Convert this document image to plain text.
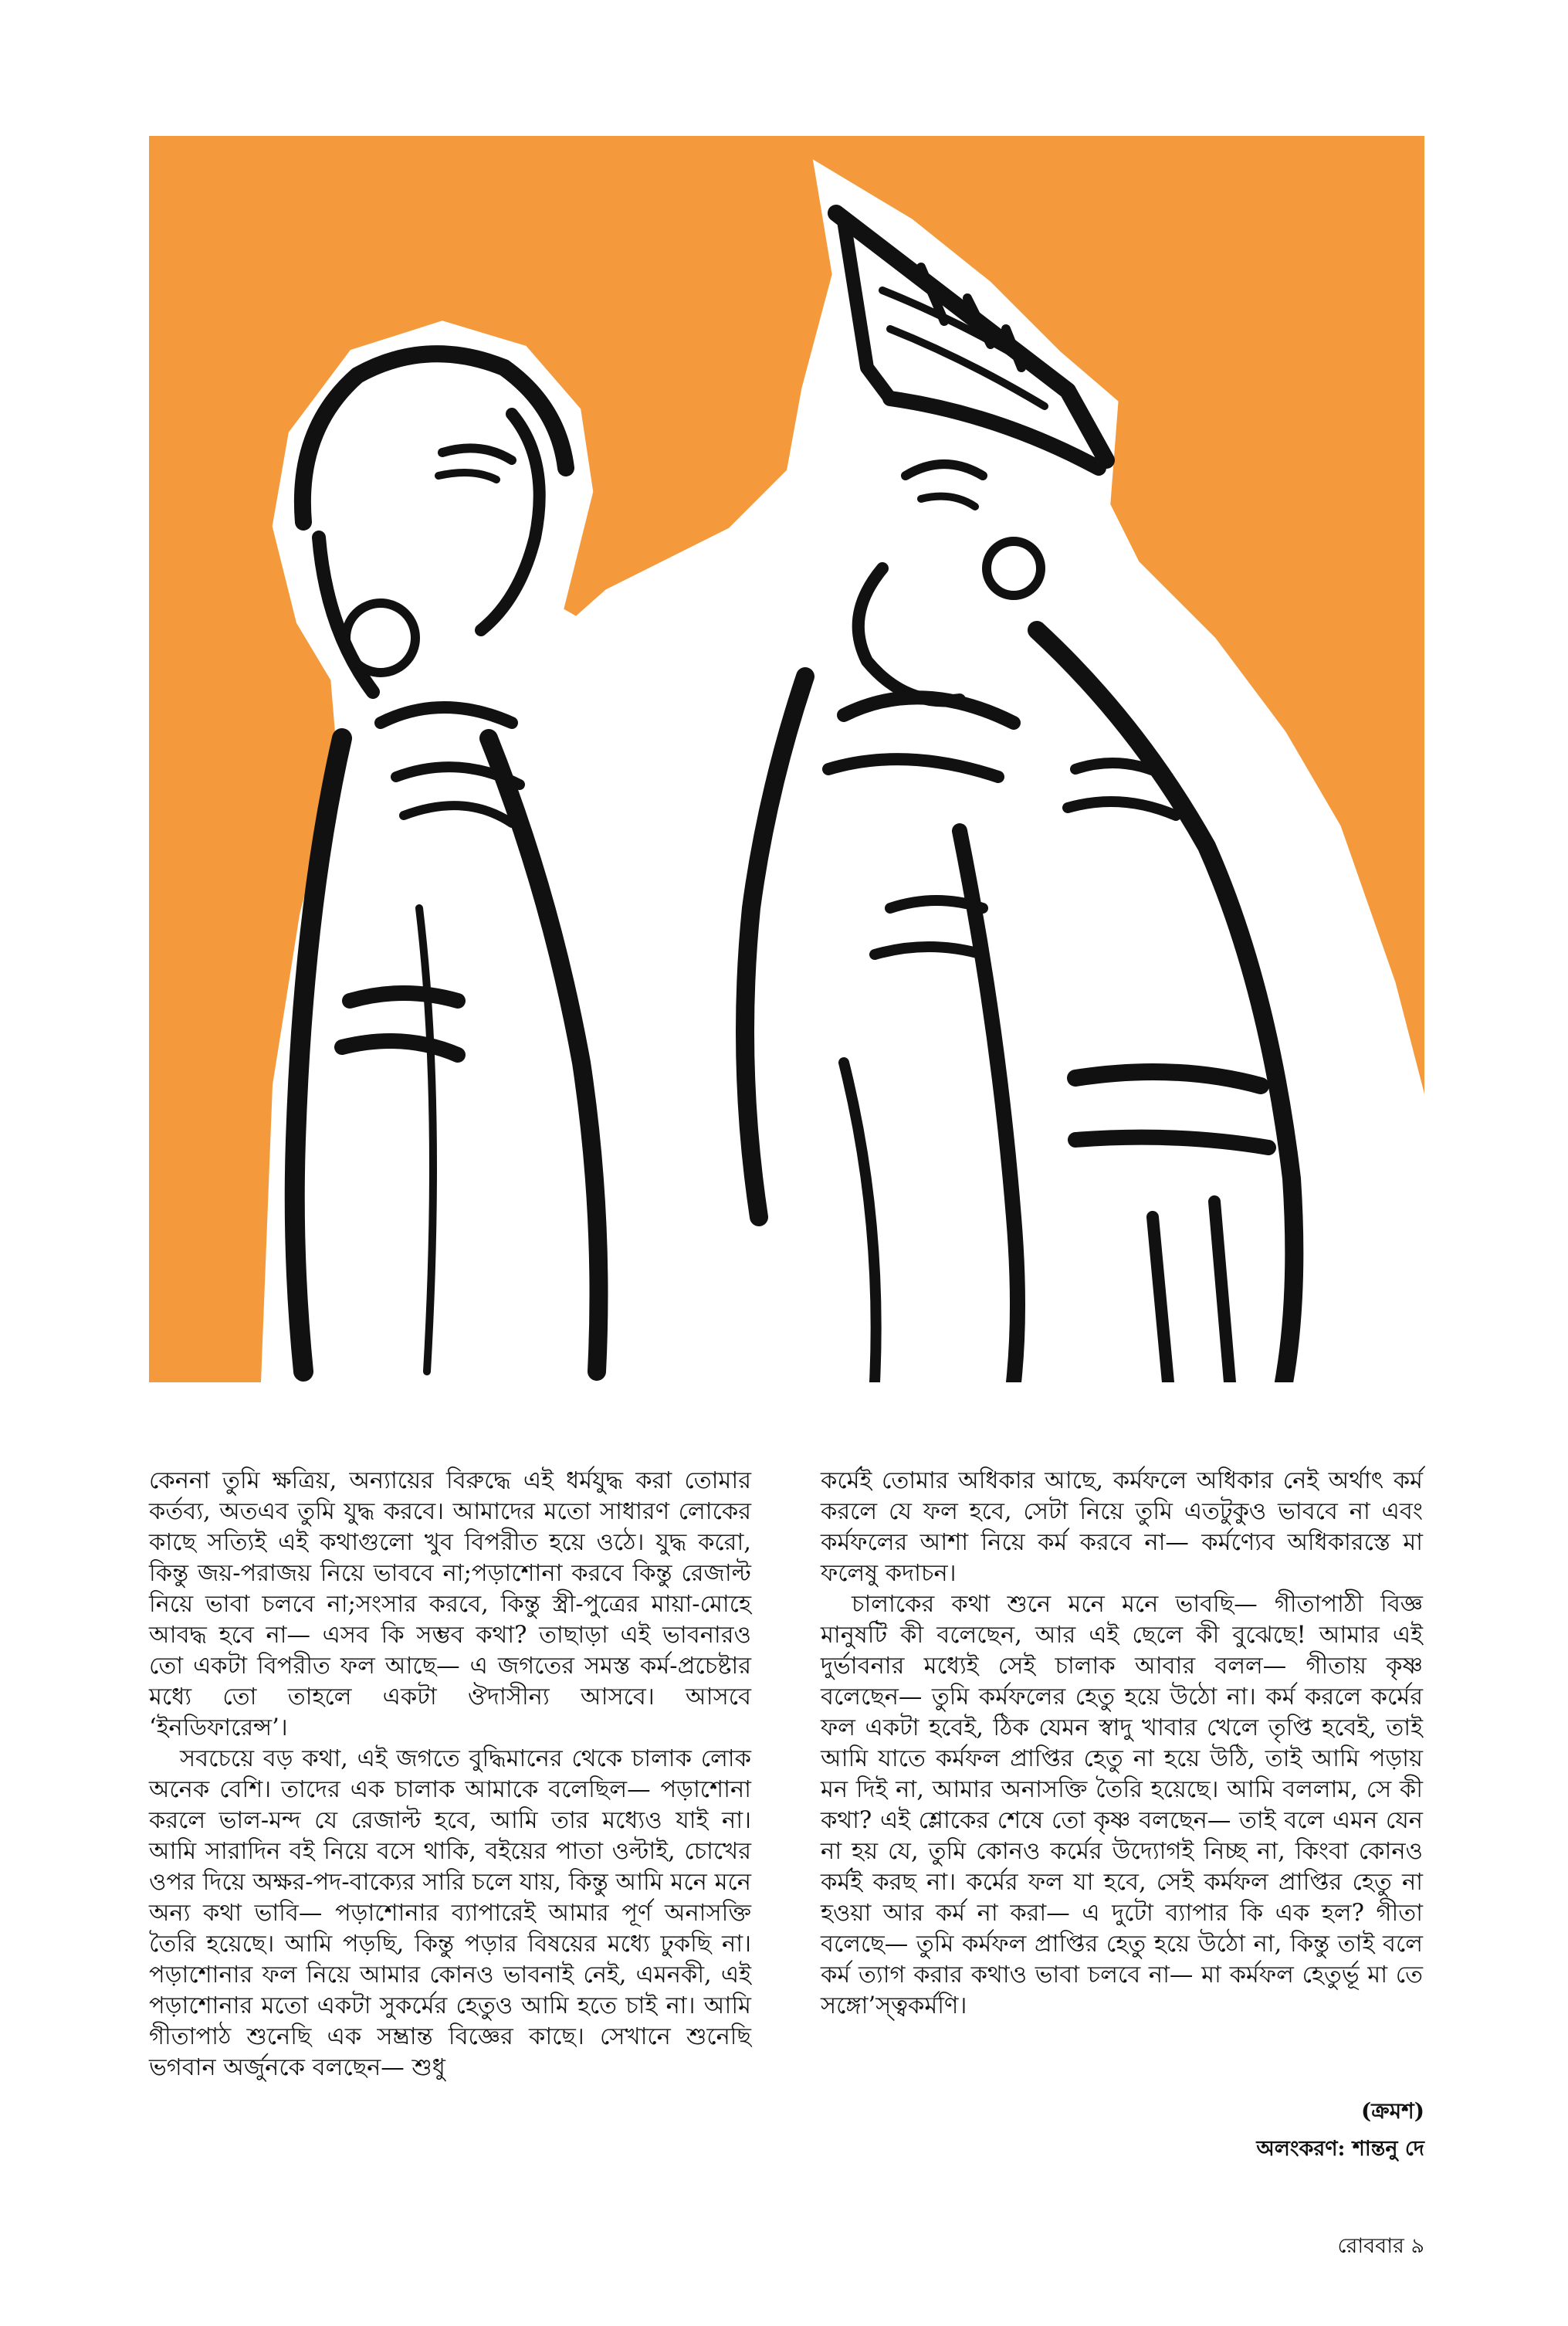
কেননা তুমি ক্ষত্রিয়, অন্যায়ের বিরুদ্ধে এই ধর্মযুদ্ধ করা তোমার কর্তব্য, অতএব তুমি যুদ্ধ করবে। আমাদের মতো সাধারণ লোকের কাছে সত্যিই এই কথাগুলো খুব বিপরীত হয়ে ওঠে। যুদ্ধ করো, কিন্তু জয়-পরাজয় নিয়ে ভাববে না;পড়াশোনা করবে কিন্তু রেজাল্ট নিয়ে ভাবা চলবে না;সংসার করবে, কিন্তু স্ত্রী-পুত্রের মায়া-মোহে আবদ্ধ হবে না— এসব কি সম্ভব কথা? তাছাড়া এই ভাবনারও তো একটা বিপরীত ফল আছে— এ জগতের সমস্ত কর্ম-প্রচেষ্টার মধ্যে তো তাহলে একটা ঔদাসীন্য আসবে। আসবে ‘ইনডিফারেন্স’।

সবচেয়ে বড় কথা, এই জগতে বুদ্ধিমানের থেকে চালাক লোক অনেক বেশি। তাদের এক চালাক আমাকে বলেছিল— পড়াশোনা করলে ভাল-মন্দ যে রেজাল্ট হবে, আমি তার মধ্যেও যাই না। আমি সারাদিন বই নিয়ে বসে থাকি, বইয়ের পাতা ওল্টাই, চোখের ওপর দিয়ে অক্ষর-পদ-বাক্যের সারি চলে যায়, কিন্তু আমি মনে মনে অন্য কথা ভাবি— পড়াশোনার ব্যাপারেই আমার পূর্ণ অনাসক্তি তৈরি হয়েছে। আমি পড়ছি, কিন্তু পড়ার বিষয়ের মধ্যে ঢুকছি না। পড়াশোনার ফল নিয়ে আমার কোনও ভাবনাই নেই, এমনকী, এই পড়াশোনার মতো একটা সুকর্মের হেতুও আমি হতে চাই না। আমি গীতাপাঠ শুনেছি এক সম্ভ্রান্ত বিজ্ঞের কাছে। সেখানে শুনেছি ভগবান অর্জুনকে বলছেন— শুধু

কর্মেই তোমার অধিকার আছে, কর্মফলে অধিকার নেই অর্থাৎ কর্ম করলে যে ফল হবে, সেটা নিয়ে তুমি এতটুকুও ভাববে না এবং কর্মফলের আশা নিয়ে কর্ম করবে না— কর্মণ্যেব অধিকারস্তে মা ফলেষু কদাচন।

চালাকের কথা শুনে মনে মনে ভাবছি— গীতাপাঠী বিজ্ঞ মানুষটি কী বলেছেন, আর এই ছেলে কী বুঝেছে! আমার এই দুর্ভাবনার মধ্যেই সেই চালাক আবার বলল— গীতায় কৃষ্ণ বলেছেন— তুমি কর্মফলের হেতু হয়ে উঠো না। কর্ম করলে কর্মের ফল একটা হবেই, ঠিক যেমন স্বাদু খাবার খেলে তৃপ্তি হবেই, তাই আমি যাতে কর্মফল প্রাপ্তির হেতু না হয়ে উঠি, তাই আমি পড়ায় মন দিই না, আমার অনাসক্তি তৈরি হয়েছে। আমি বললাম, সে কী কথা? এই শ্লোকের শেষে তো কৃষ্ণ বলছেন— তাই বলে এমন যেন না হয় যে, তুমি কোনও কর্মের উদ্যোগই নিচ্ছ না, কিংবা কোনও কর্মই করছ না। কর্মের ফল যা হবে, সেই কর্মফল প্রাপ্তির হেতু না হওয়া আর কর্ম না করা— এ দুটো ব্যাপার কি এক হল? গীতা বলেছে— তুমি কর্মফল প্রাপ্তির হেতু হয়ে উঠো না, কিন্তু তাই বলে কর্ম ত্যাগ করার কথাও ভাবা চলবে না— মা কর্মফল হেতুর্ভূ মা তে সঙ্গো’স্ত্বকর্মণি।

(ক্রমশ)
অলংকরণ: শান্তনু দে
রোববার ৯
